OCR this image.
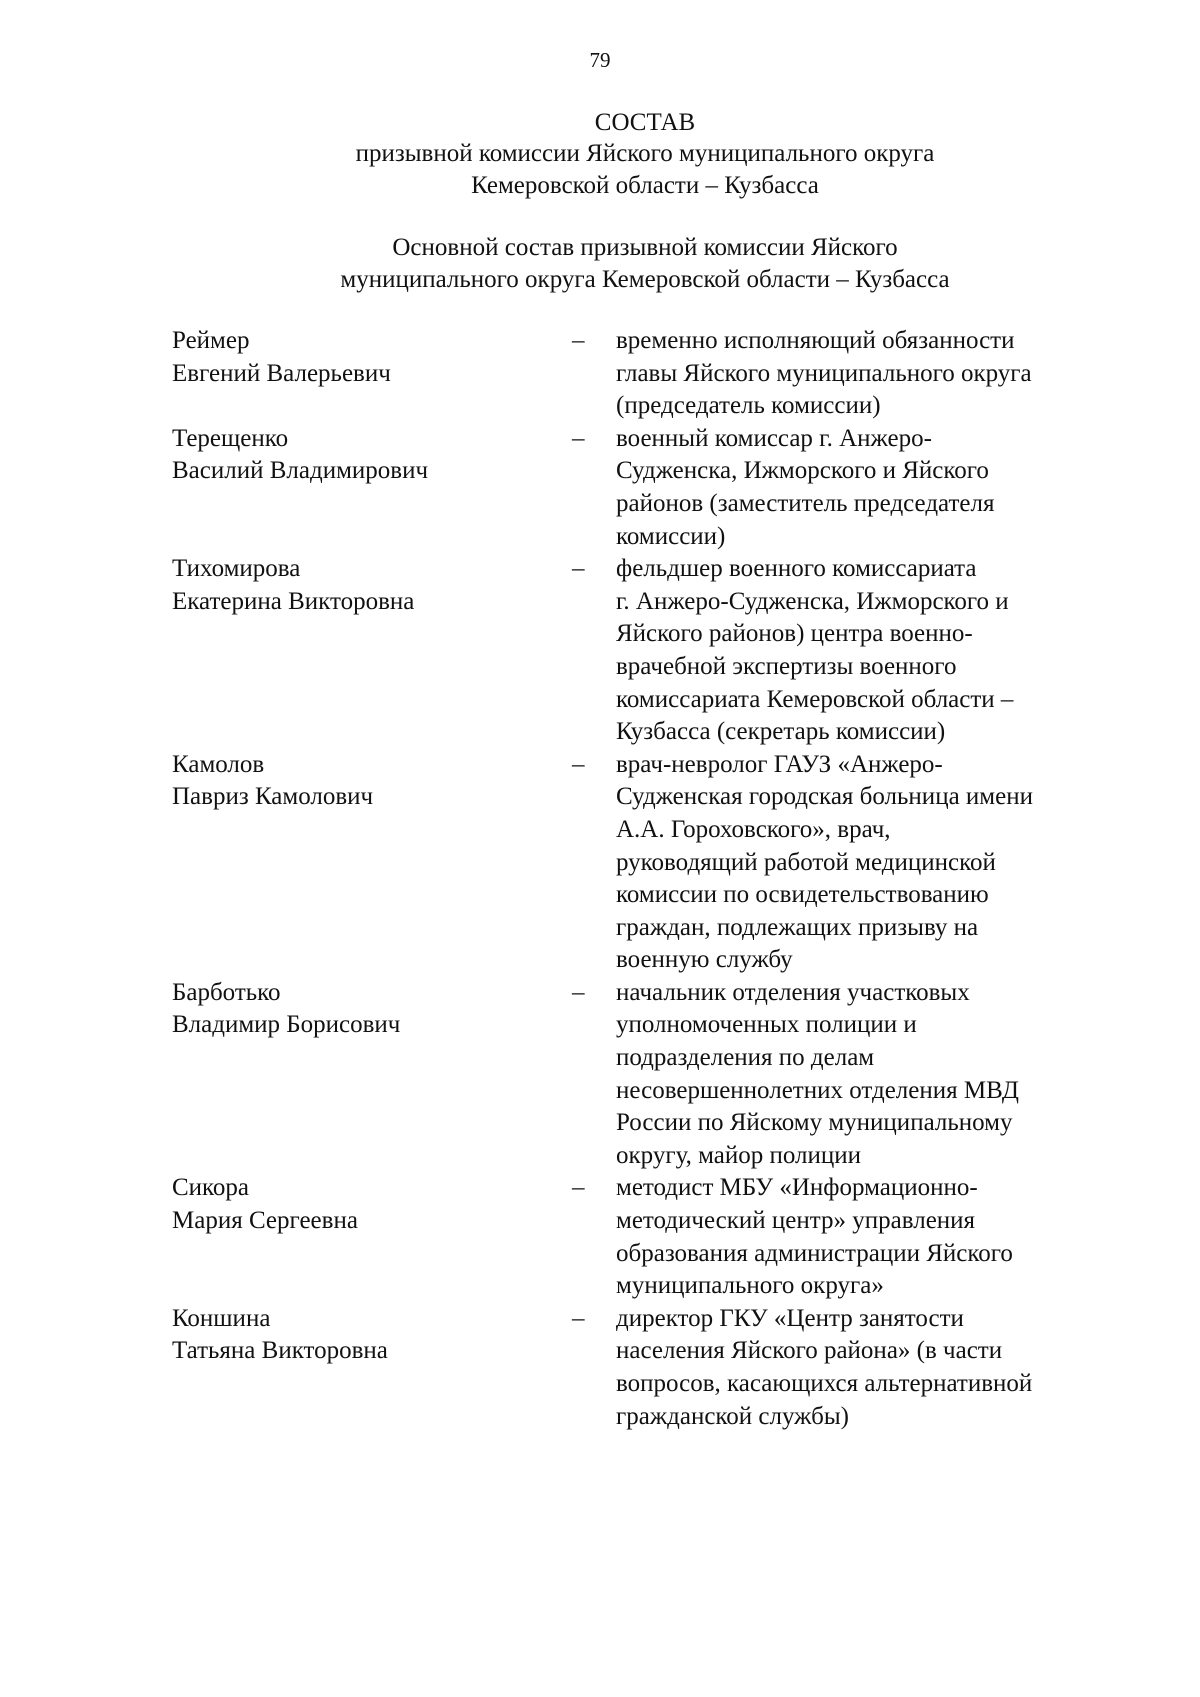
79
СОСТАВ
призывной комиссии Яйского муниципального округа
Кемеровской области – Кузбасса
Основной состав призывной комиссии Яйского
муниципального округа Кемеровской области – Кузбасса
Реймер
Евгений Валерьевич
–	временно исполняющий обязанности
главы Яйского муниципального округа
(председатель комиссии)
Терещенко
Василий Владимирович
–	военный комиссар г. Анжеро-
Судженска, Ижморского и Яйского
районов (заместитель председателя
комиссии)
Тихомирова
Екатерина Викторовна
–	фельдшер военного комиссариата
г. Анжеро-Судженска, Ижморского и
Яйского районов) центра военно-
врачебной экспертизы военного
комиссариата Кемеровской области –
Кузбасса (секретарь комиссии)
Камолов
Павриз Камолович
–	врач-невролог ГАУЗ «Анжеро-
Судженская городская больница имени
А.А. Гороховского», врач,
руководящий работой медицинской
комиссии по освидетельствованию
граждан, подлежащих призыву на
военную службу
Барботько
Владимир Борисович
–	начальник отделения участковых
уполномоченных полиции и
подразделения по делам
несовершеннолетних отделения МВД
России по Яйскому муниципальному
округу, майор полиции
Сикора
Мария Сергеевна
–	методист МБУ «Информационно-
методический центр» управления
образования администрации Яйского
муниципального округа»
Коншина
Татьяна Викторовна
–	директор ГКУ «Центр занятости
населения Яйского района» (в части
вопросов, касающихся альтернативной
гражданской службы)
